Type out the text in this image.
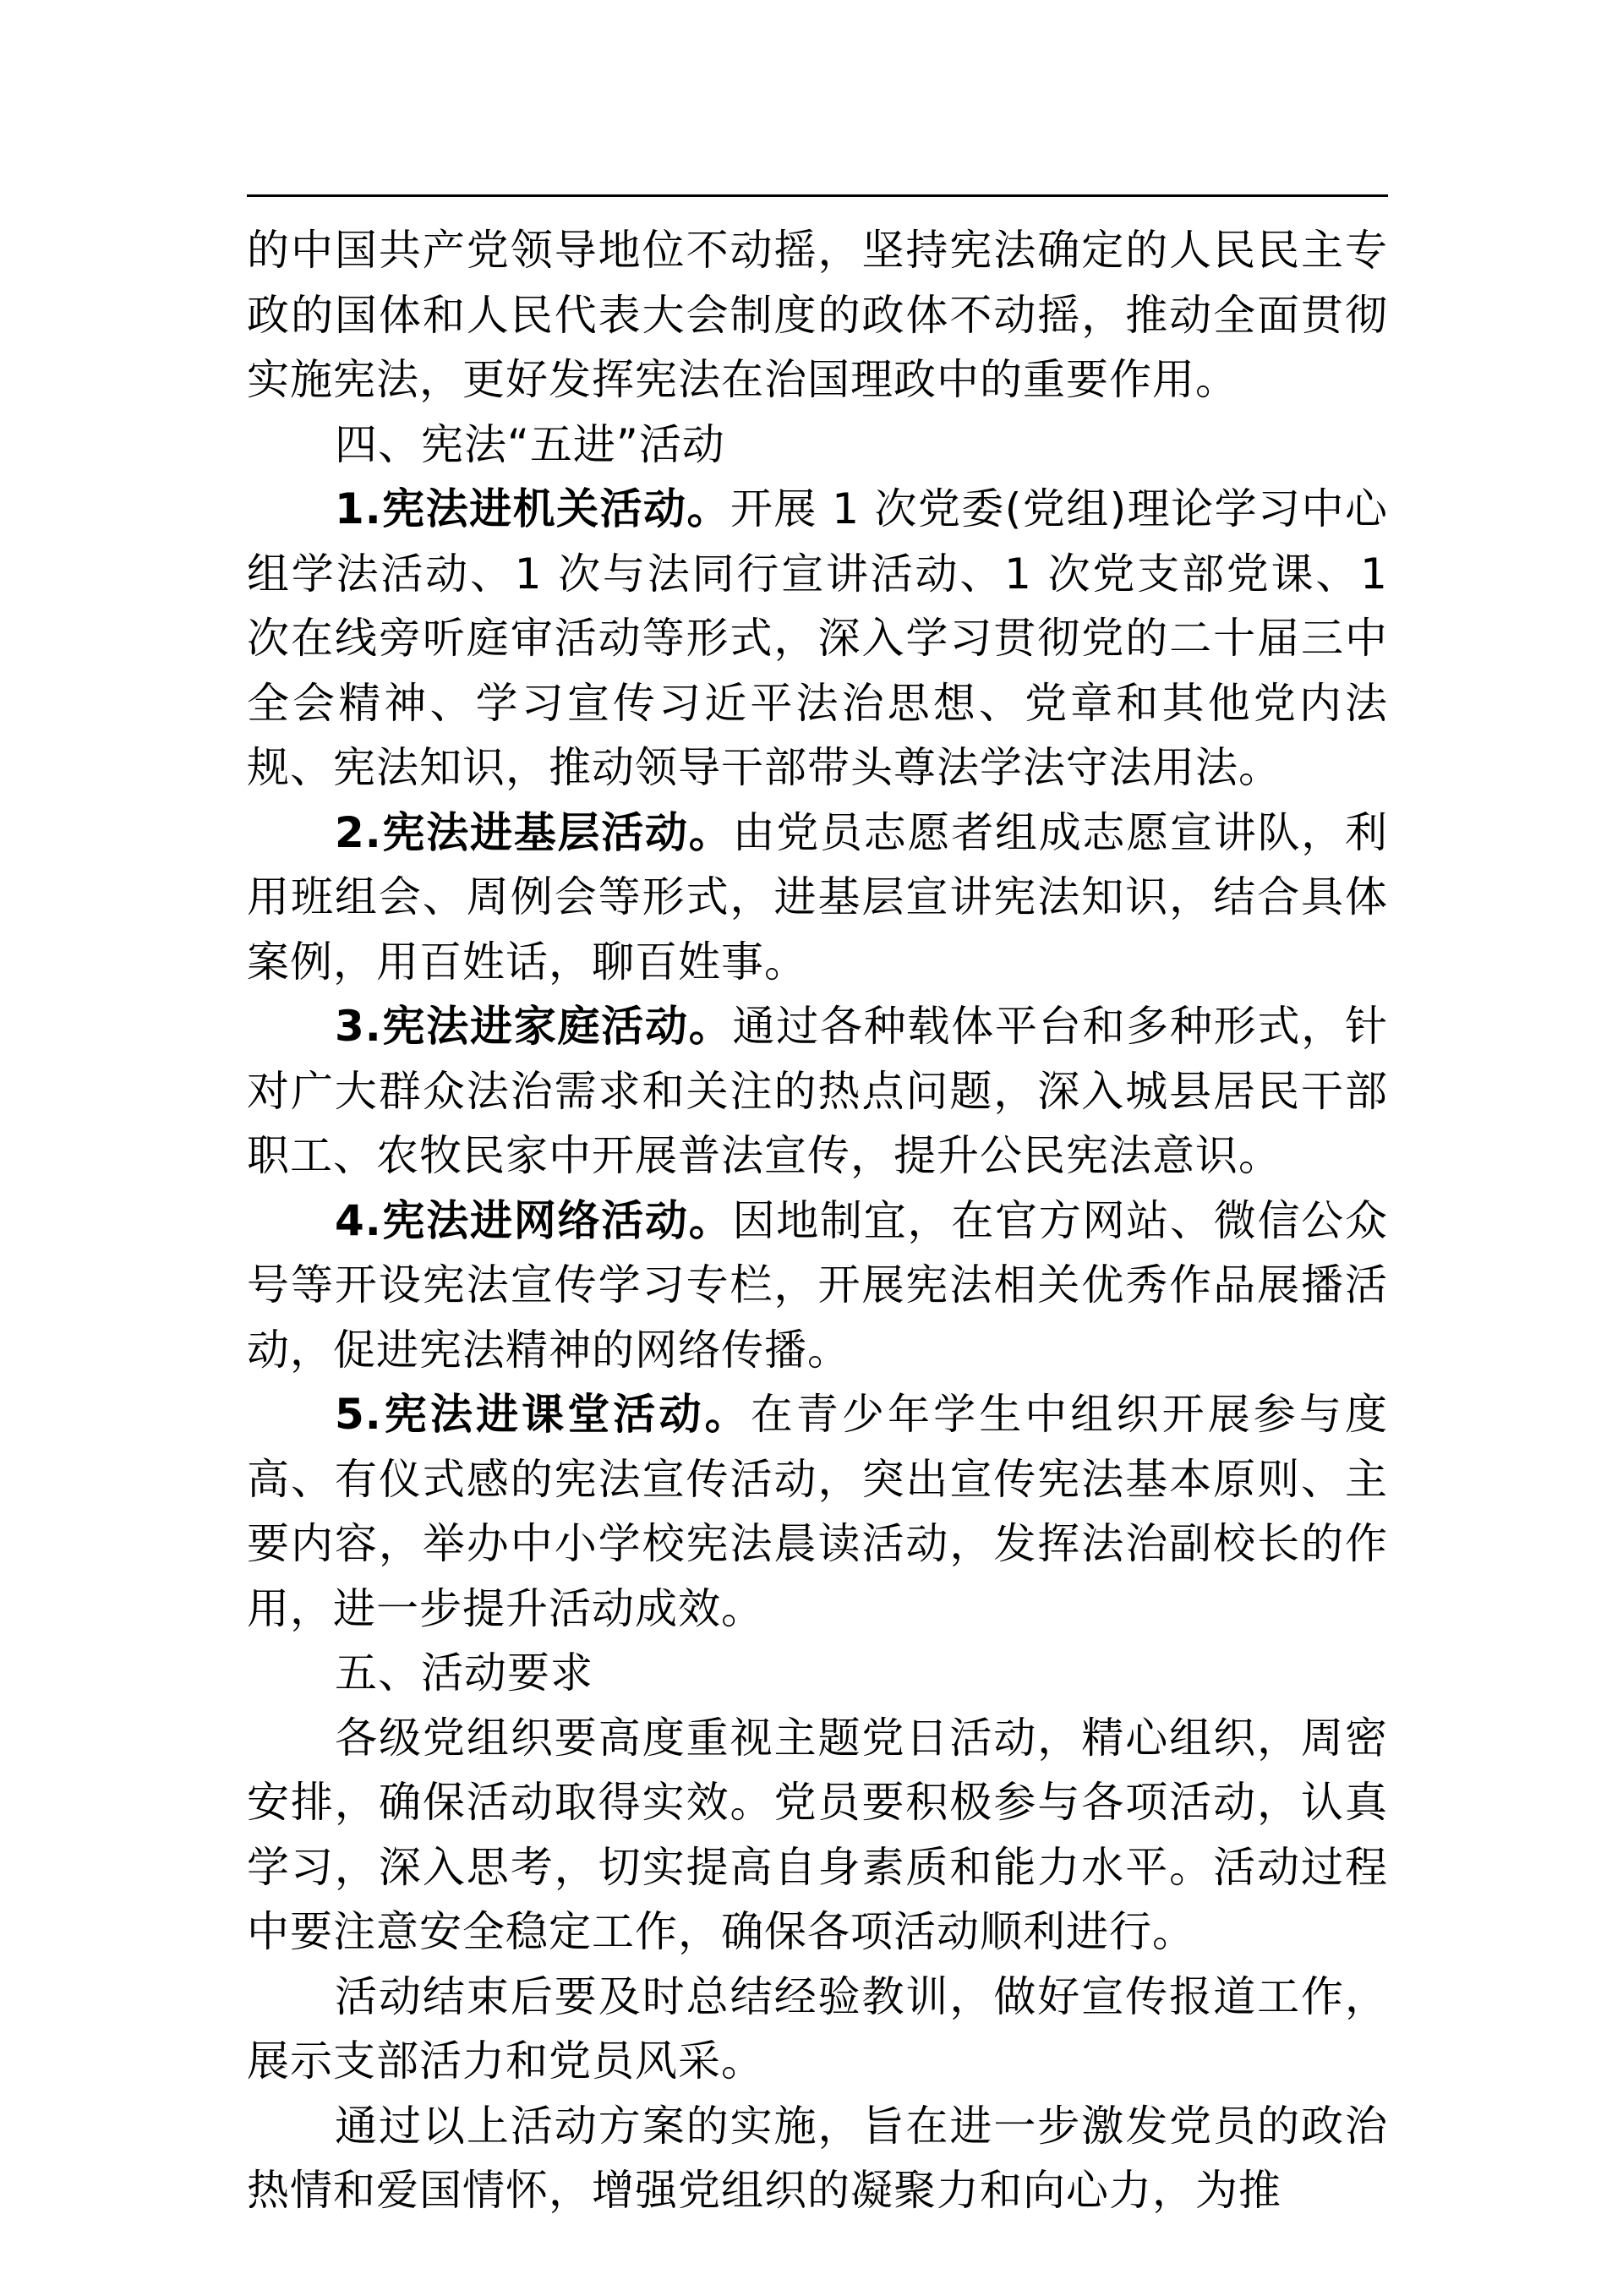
的中国共产党领导地位不动摇，坚持宪法确定的人民民主专政的国体和人民代表大会制度的政体不动摇，推动全面贯彻实施宪法，更好发挥宪法在治国理政中的重要作用。

四、宪法“五进”活动

1.宪法进机关活动。开展 1 次党委(党组)理论学习中心组学法活动、1 次与法同行宣讲活动、1 次党支部党课、1 次在线旁听庭审活动等形式，深入学习贯彻党的二十届三中全会精神、学习宣传习近平法治思想、党章和其他党内法规、宪法知识，推动领导干部带头尊法学法守法用法。

2.宪法进基层活动。由党员志愿者组成志愿宣讲队，利用班组会、周例会等形式，进基层宣讲宪法知识，结合具体案例，用百姓话，聊百姓事。

3.宪法进家庭活动。通过各种载体平台和多种形式，针对广大群众法治需求和关注的热点问题，深入城县居民干部职工、农牧民家中开展普法宣传，提升公民宪法意识。

4.宪法进网络活动。因地制宜，在官方网站、微信公众号等开设宪法宣传学习专栏，开展宪法相关优秀作品展播活动，促进宪法精神的网络传播。

5.宪法进课堂活动。在青少年学生中组织开展参与度高、有仪式感的宪法宣传活动，突出宣传宪法基本原则、主要内容，举办中小学校宪法晨读活动，发挥法治副校长的作用，进一步提升活动成效。

五、活动要求

各级党组织要高度重视主题党日活动，精心组织，周密安排，确保活动取得实效。党员要积极参与各项活动，认真学习，深入思考，切实提高自身素质和能力水平。活动过程中要注意安全稳定工作，确保各项活动顺利进行。

活动结束后要及时总结经验教训，做好宣传报道工作，展示支部活力和党员风采。

通过以上活动方案的实施，旨在进一步激发党员的政治热情和爱国情怀，增强党组织的凝聚力和向心力，为推
